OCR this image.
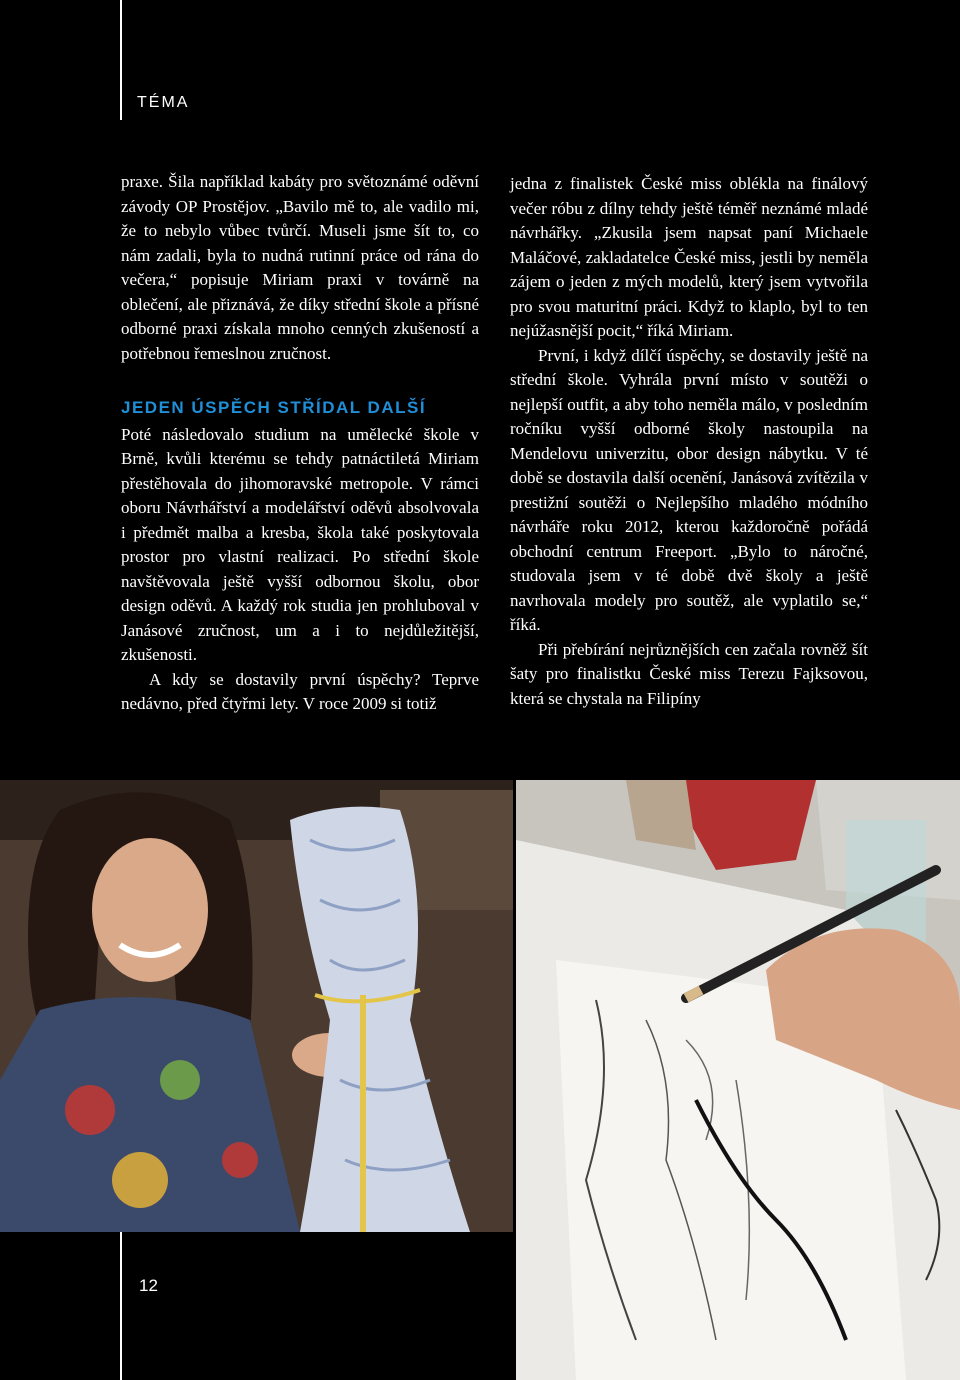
TÉMA

praxe. Šila například kabáty pro světoznámé oděvní závody OP Prostějov. „Bavilo mě to, ale vadilo mi, že to nebylo vůbec tvůrčí. Museli jsme šít to, co nám zadali, byla to nudná rutinní práce od rána do večera,“ popisuje Miriam praxi v továrně na oblečení, ale přiznává, že díky střední škole a přísné odborné praxi získala mnoho cenných zkušeností a potřebnou řemeslnou zručnost.

JEDEN ÚSPĚCH STŘÍDAL DALŠÍ

Poté následovalo studium na umělecké škole v Brně, kvůli kterému se tehdy patnáctiletá Miriam přestěhovala do jihomoravské metropole. V rámci oboru Návrhářství a modelářství oděvů absolvovala i předmět malba a kresba, škola také poskytovala prostor pro vlastní realizaci. Po střední škole navštěvovala ještě vyšší odbornou školu, obor design oděvů. A každý rok studia jen prohluboval v Janásové zručnost, um a i to nejdůležitější, zkušenosti.

A kdy se dostavily první úspěchy? Teprve nedávno, před čtyřmi lety. V roce 2009 si totiž

jedna z finalistek České miss oblékla na finálový večer róbu z dílny tehdy ještě téměř neznámé mladé návrhářky. „Zkusila jsem napsat paní Michaele Maláčové, zakladatelce České miss, jestli by neměla zájem o jeden z mých modelů, který jsem vytvořila pro svou maturitní práci. Když to klaplo, byl to ten nejúžasnější pocit,“ říká Miriam.

První, i když dílčí úspěchy, se dostavily ještě na střední škole. Vyhrála první místo v soutěži o nejlepší outfit, a aby toho neměla málo, v posledním ročníku vyšší odborné školy nastoupila na Mendelovu univerzitu, obor design nábytku. V té době se dostavila další ocenění, Janásová zvítězila v prestižní soutěži o Nejlepšího mladého módního návrháře roku 2012, kterou každoročně pořádá obchodní centrum Freeport. „Bylo to náročné, studovala jsem v té době dvě školy a ještě navrhovala modely pro soutěž, ale vyplatilo se,“ říká.

Při přebírání nejrůznějších cen začala rovněž šít šaty pro finalistku České miss Terezu Fajksovou, která se chystala na Filipíny

12
